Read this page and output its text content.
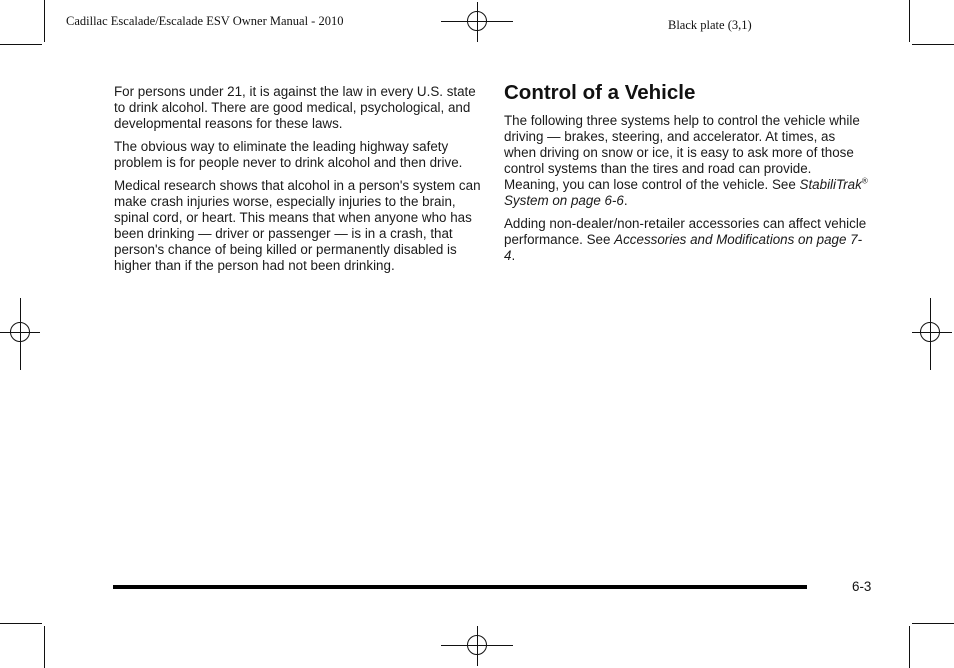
Cadillac Escalade/Escalade ESV Owner Manual - 2010	Black plate (3,1)

For persons under 21, it is against the law in every U.S. state to drink alcohol. There are good medical, psychological, and developmental reasons for these laws.

The obvious way to eliminate the leading highway safety problem is for people never to drink alcohol and then drive.

Medical research shows that alcohol in a person's system can make crash injuries worse, especially injuries to the brain, spinal cord, or heart. This means that when anyone who has been drinking — driver or passenger — is in a crash, that person's chance of being killed or permanently disabled is higher than if the person had not been drinking.

Control of a Vehicle

The following three systems help to control the vehicle while driving — brakes, steering, and accelerator. At times, as when driving on snow or ice, it is easy to ask more of those control systems than the tires and road can provide. Meaning, you can lose control of the vehicle. See StabiliTrak® System on page 6-6.

Adding non-dealer/non-retailer accessories can affect vehicle performance. See Accessories and Modifications on page 7-4.

6-3
